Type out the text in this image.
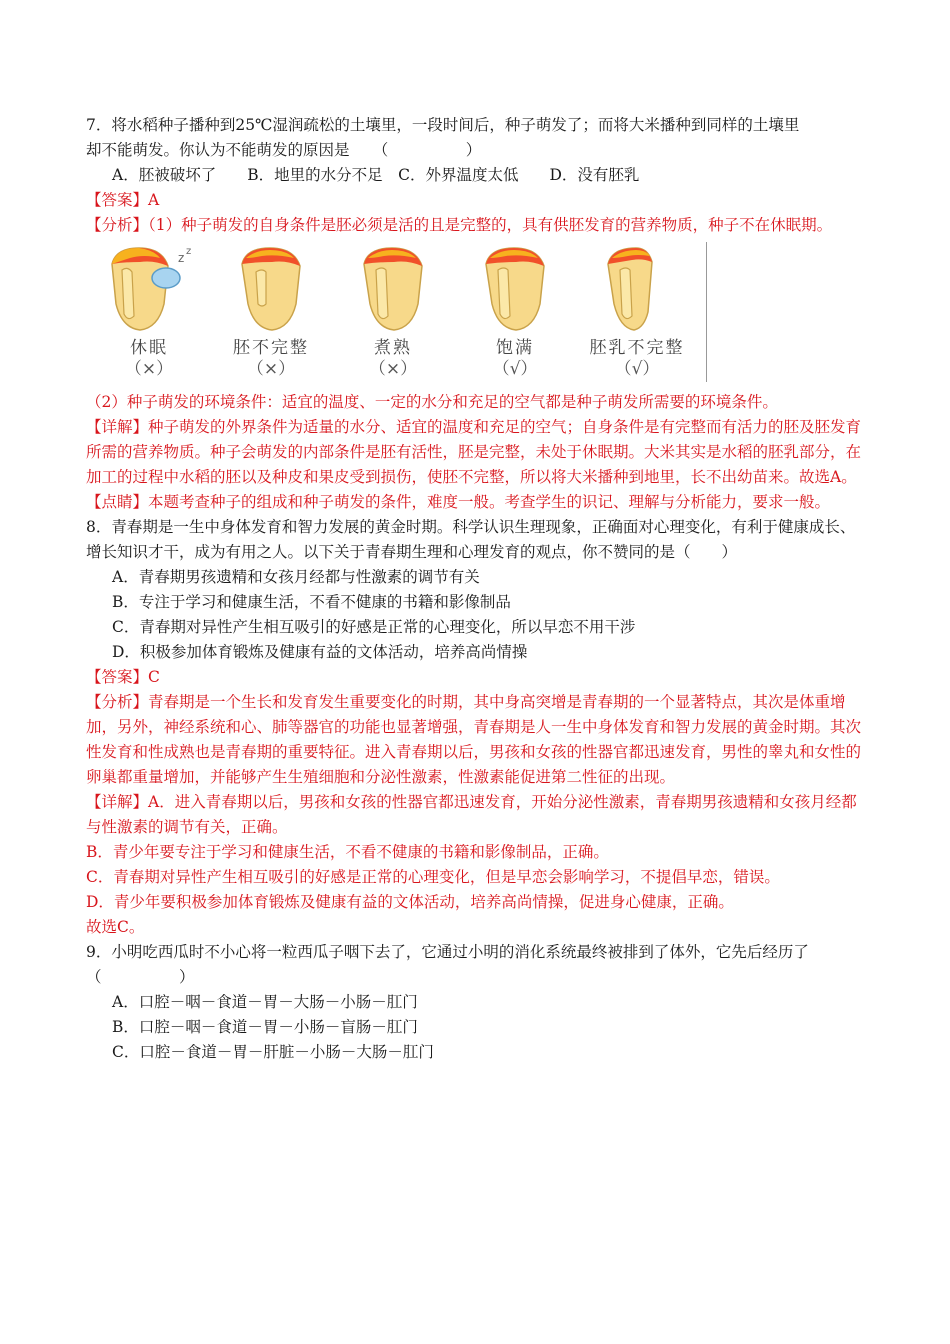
7．将水稻种子播种到25℃湿润疏松的土壤里，一段时间后，种子萌发了；而将大米播种到同样的土壤里

却不能萌发。你认为不能萌发的原因是　　（　　　　　）

A．胚被破坏了　　B．地里的水分不足　C．外界温度太低　　D．没有胚乳

【答案】A

【分析】（1）种子萌发的自身条件是胚必须是活的且是完整的，具有供胚发育的营养物质，种子不在休眠期。

z z
休眠
（×）
胚不完整
（×）
煮熟
（×）
饱满
（√）
胚乳不完整
（√）

（2）种子萌发的环境条件：适宜的温度、一定的水分和充足的空气都是种子萌发所需要的环境条件。

【详解】种子萌发的外界条件为适量的水分、适宜的温度和充足的空气；自身条件是有完整而有活力的胚及胚发育所需的营养物质。种子会萌发的内部条件是胚有活性，胚是完整，未处于休眠期。大米其实是水稻的胚乳部分，在加工的过程中水稻的胚以及种皮和果皮受到损伤，使胚不完整，所以将大米播种到地里，长不出幼苗来。故选A。

【点睛】本题考查种子的组成和种子萌发的条件，难度一般。考查学生的识记、理解与分析能力，要求一般。

8．青春期是一生中身体发育和智力发展的黄金时期。科学认识生理现象，正确面对心理变化，有利于健康成长、增长知识才干，成为有用之人。以下关于青春期生理和心理发育的观点，你不赞同的是（　　）

A．青春期男孩遗精和女孩月经都与性激素的调节有关

B．专注于学习和健康生活，不看不健康的书籍和影像制品

C．青春期对异性产生相互吸引的好感是正常的心理变化，所以早恋不用干涉

D．积极参加体育锻炼及健康有益的文体活动，培养高尚情操

【答案】C

【分析】青春期是一个生长和发育发生重要变化的时期，其中身高突增是青春期的一个显著特点，其次是体重增加，另外，神经系统和心、肺等器官的功能也显著增强，青春期是人一生中身体发育和智力发展的黄金时期。其次性发育和性成熟也是青春期的重要特征。进入青春期以后，男孩和女孩的性器官都迅速发育，男性的睾丸和女性的卵巢都重量增加，并能够产生生殖细胞和分泌性激素，性激素能促进第二性征的出现。

【详解】A．进入青春期以后，男孩和女孩的性器官都迅速发育，开始分泌性激素，青春期男孩遗精和女孩月经都与性激素的调节有关，正确。

B．青少年要专注于学习和健康生活，不看不健康的书籍和影像制品，正确。

C．青春期对异性产生相互吸引的好感是正常的心理变化，但是早恋会影响学习，不提倡早恋，错误。

D．青少年要积极参加体育锻炼及健康有益的文体活动，培养高尚情操，促进身心健康，正确。

故选C。

9．小明吃西瓜时不小心将一粒西瓜子咽下去了，它通过小明的消化系统最终被排到了体外，它先后经历了（　　　　　）

A．口腔－咽－食道－胃－大肠－小肠－肛门

B．口腔－咽－食道－胃－小肠－盲肠－肛门

C．口腔－食道－胃－肝脏－小肠－大肠－肛门
